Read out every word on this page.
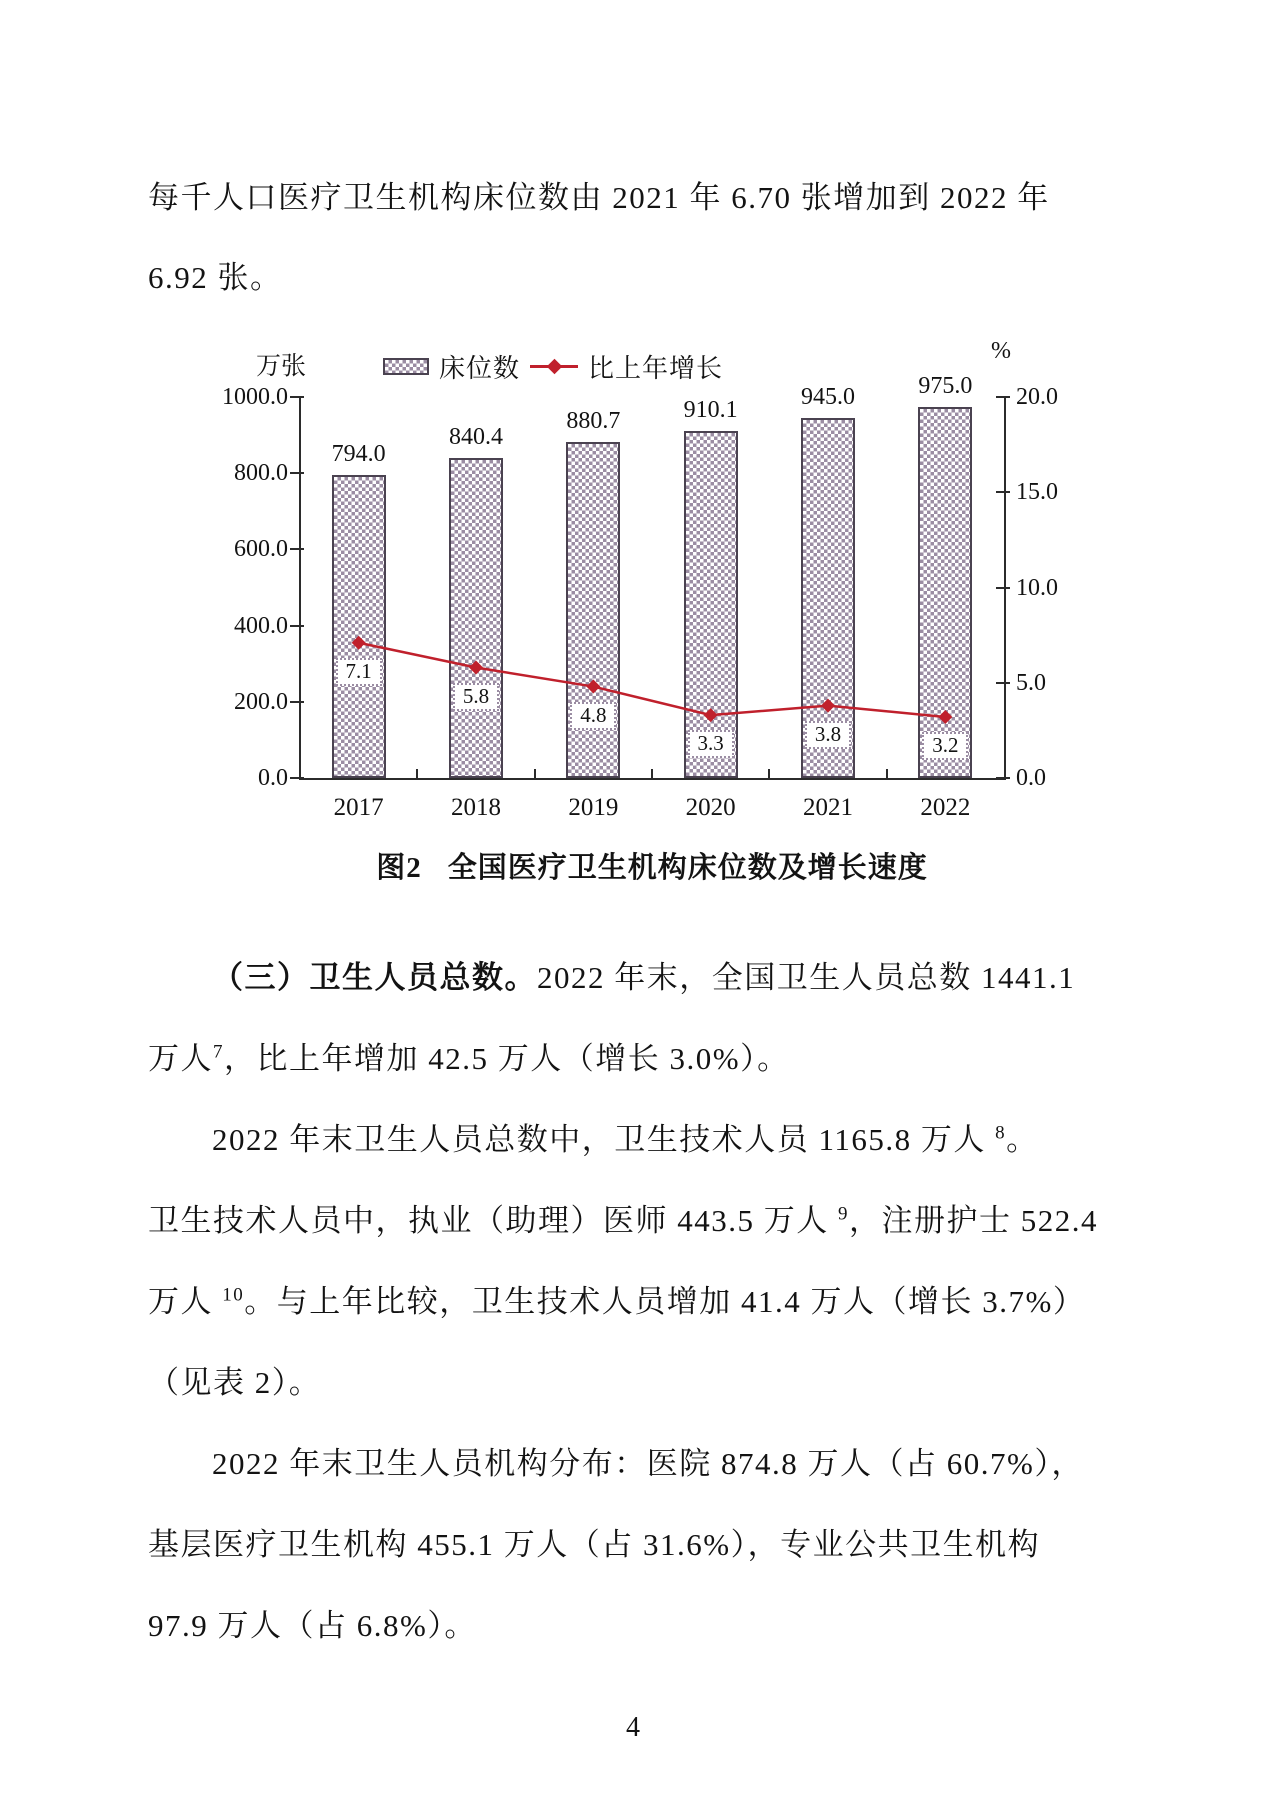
每千人口医疗卫生机构床位数由 2021 年 6.70 张增加到 2022 年
6.92 张。
万张
%
床位数	比上年增长
1000.0
800.0
600.0
400.0
200.0
0.0
20.0
15.0
10.0
5.0
0.0
794.0
2017
7.1
840.4
2018
5.8
880.7
2019
4.8
910.1
2020
3.3
945.0
2021
3.8
975.0
2022
3.2
图2 全国医疗卫生机构床位数及增长速度
（三）卫生人员总数。2022 年末，全国卫生人员总数 1441.1
万人$^7$，比上年增加 42.5 万人（增长 3.0%）。
2022 年末卫生人员总数中，卫生技术人员 1165.8 万人 $^8$。
卫生技术人员中，执业（助理）医师 443.5 万人 $^9$，注册护士 522.4
万人 $^{10}$。与上年比较，卫生技术人员增加 41.4 万人（增长 3.7%）
（见表 2）。
2022 年末卫生人员机构分布：医院 874.8 万人（占 60.7%），
基层医疗卫生机构 455.1 万人（占 31.6%），专业公共卫生机构
97.9 万人（占 6.8%）。
4
